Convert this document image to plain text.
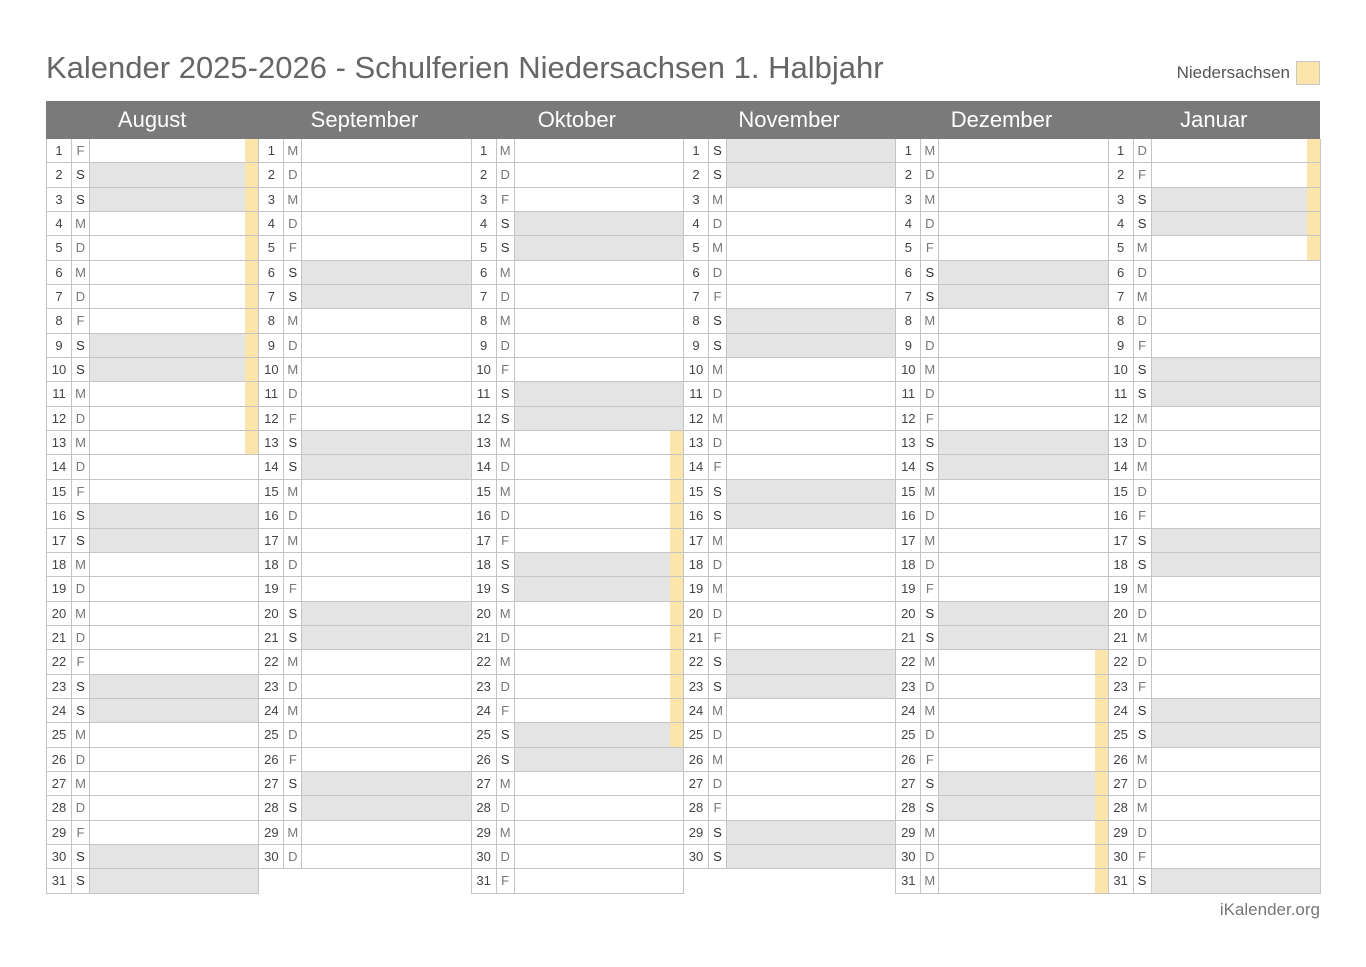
Kalender 2025-2026 - Schulferien Niedersachsen 1. Halbjahr	Niedersachsen
August
1	F
2	S
3	S
4 M
5	D
6 M
7	D
8	F
9	S
10 S
11 M
12 D
13 M
14 D
15 F
16 S
17 S
18 M
19 D
20 M
21 D
22 F
23 S
24 S
25 M
26 D
27 M
28 D
29 F
30 S
31 S
September
1 M
2	D
3 M
4	D
5	F
6	S
7	S
8 M
9	D
10 M
11 D
12 F
13 S
14 S
15 M
16 D
17 M
18 D
19 F
20 S
21 S
22 M
23 D
24 M
25 D
26 F
27 S
28 S
29 M
30 D
Oktober
1 M
2	D
3	F
4	S
5	S
6 M
7	D
8 M
9	D
10 F
11 S
12 S
13 M
14 D
15 M
16 D
17 F
18 S
19 S
20 M
21 D
22 M
23 D
24 F
25 S
26 S
27 M
28 D
29 M
30 D
31 F
November
1	S
2	S
3 M
4	D
5 M
6	D
7	F
8	S
9	S
10 M
11 D
12 M
13 D
14 F
15 S
16 S
17 M
18 D
19 M
20 D
21 F
22 S
23 S
24 M
25 D
26 M
27 D
28 F
29 S
30 S
Dezember
1 M
2	D
3 M
4	D
5	F
6	S
7	S
8 M
9	D
10 M
11 D
12 F
13 S
14 S
15 M
16 D
17 M
18 D
19 F
20 S
21 S
22 M
23 D
24 M
25 D
26 F
27 S
28 S
29 M
30 D
31 M
Januar
1	D
2	F
3	S
4	S
5 M
6	D
7 M
8	D
9	F
10 S
11 S
12 M
13 D
14 M
15 D
16 F
17 S
18 S
19 M
20 D
21 M
22 D
23 F
24 S
25 S
26 M
27 D
28 M
29 D
30 F
31 S
iKalender.org
